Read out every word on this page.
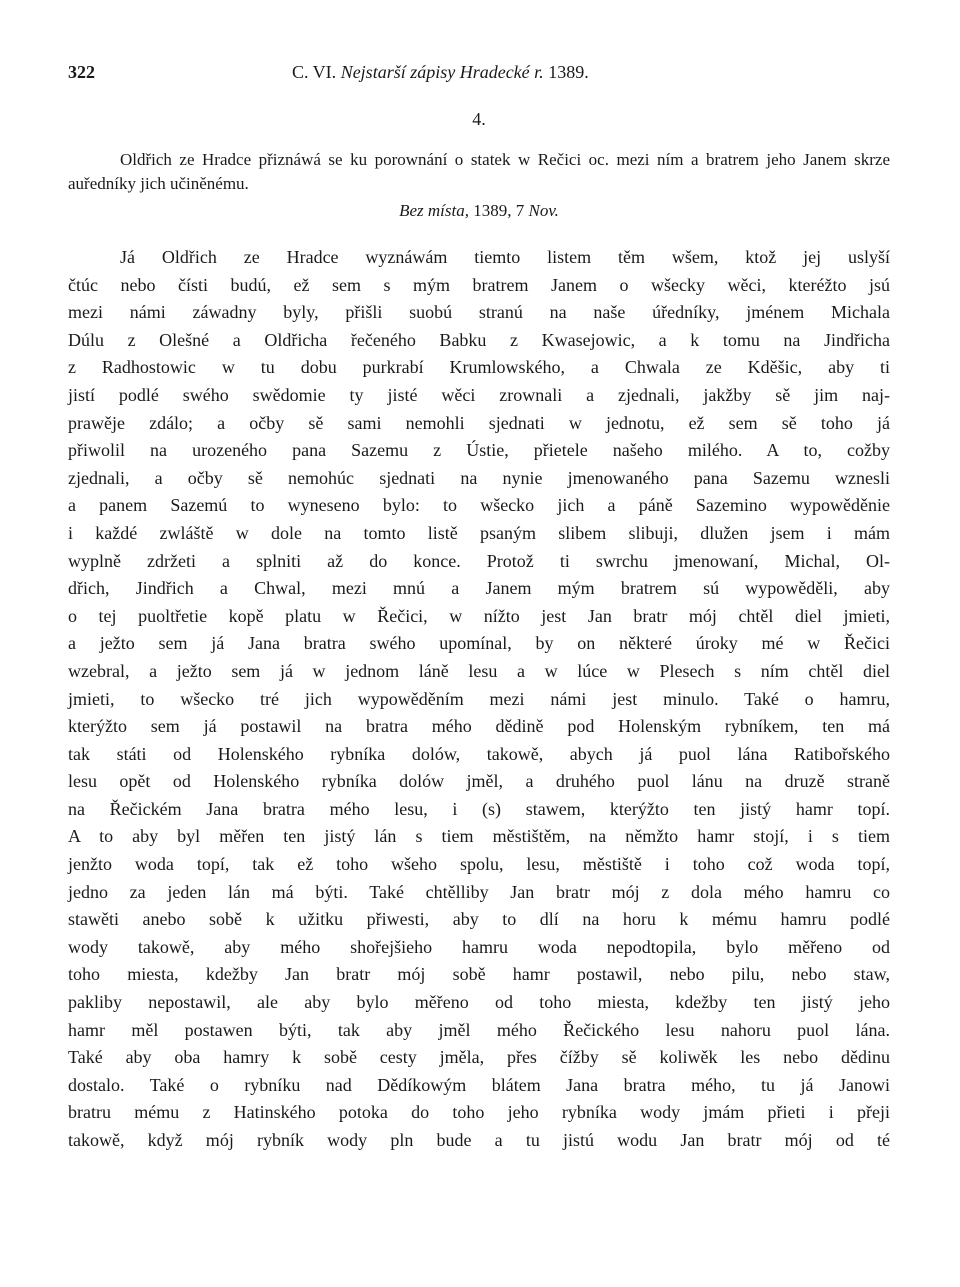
322	C. VI. Nejstarší zápisy Hradecké r. 1389.
4.

Oldřich ze Hradce přiznáwá se ku porownání o statek w Rečici oc. mezi ním a bratrem jeho Janem skrze auředníky jich učiněnému.

Bez místa, 1389, 7 Nov.
Já Oldřich ze Hradce wyznáwám tiemto listem těm wšem, ktož jej uslyší
čtúc nebo čísti budú, ež sem s mým bratrem Janem o wšecky wěci, kteréžto jsú
mezi námi záwadny byly, přišli suobú stranú na naše úředníky, jménem Michala
Dúlu z Olešné a Oldřicha řečeného Babku z Kwasejowic, a k tomu na Jindřicha
z Radhostowic w tu dobu purkrabí Krumlowského, a Chwala ze Kděšic, aby ti
jistí podlé swého swědomie ty jisté wěci zrownali a zjednali, jakžby sě jim naj-
prawějе zdálo; a očby sě sami nemohli sjednati w jednotu, ež sem sě toho já
přiwolil na urozeného pana Sazemu z Ústie, přietele našeho milého. A to, cožby
zjednali, a očby sě nemohúc sjednati na nynie jmenowaného pana Sazemu wznesli
a panem Sazemú to wyneseno bylo: to wšecko jich a páně Sazemino wypowěděnie
i každé zwláště w dole na tomto listě psaným slibem slibuji, dlužen jsem i mám
wyplně zdržeti a splniti až do konce. Protož ti swrchu jmenowaní, Michal, Ol-
dřich, Jindřich a Chwal, mezi mnú a Janem mým bratrem sú wypowěděli, aby
o tej puoltřetie kopě platu w Řečici, w nížto jest Jan bratr mój chtěl diel jmieti,
a ježto sem já Jana bratra swého upomínal, by on některé úroky mé w Řečici
wzebral, a ježto sem já w jednom láně lesu a w lúce w Plesech s ním chtěl diel
jmieti, to wšecko tré jich wypowěděním mezi námi jest minulo. Také o hamru,
kterýžto sem já postawil na bratra mého dědině pod Holenským rybníkem, ten má
tak státi od Holenského rybníka dolów, takowě, abych já puol lána Ratibořského
lesu opět od Holenského rybníka dolów jměl, a druhého puol lánu na druzě straně
na Řečickém Jana bratra mého lesu, i (s) stawem, kterýžto ten jistý hamr topí.
A to aby byl měřen ten jistý lán s tiem městištěm, na němžto hamr stojí, i s tiem
jenžto woda topí, tak ež toho wšeho spolu, lesu, městiště i toho což woda topí,
jedno za jeden lán má býti. Také chtělliby Jan bratr mój z dola mého hamru co
stawěti anebo sobě k užitku přiwesti, aby to dlí na horu k mému hamru podlé
wody takowě, aby mého shořejšieho hamru woda nepodtopila, bylo měřeno od
toho miesta, kdežby Jan bratr mój sobě hamr postawil, nebo pilu, nebo staw,
pakliby nepostawil, ale aby bylo měřeno od toho miesta, kdežby ten jistý jeho
hamr měl postawen býti, tak aby jměl mého Řečického lesu nahoru puol lána.
Také aby oba hamry k sobě cesty jměla, přes čížby sě koliwěk les nebo dědinu
dostalo. Také o rybníku nad Dědíkowým blátem Jana bratra mého, tu já Janowi
bratru mému z Hatinského potoka do toho jeho rybníka wody jmám přieti i přeji
takowě, když mój rybník wody pln bude a tu jistú wodu Jan bratr mój od té
